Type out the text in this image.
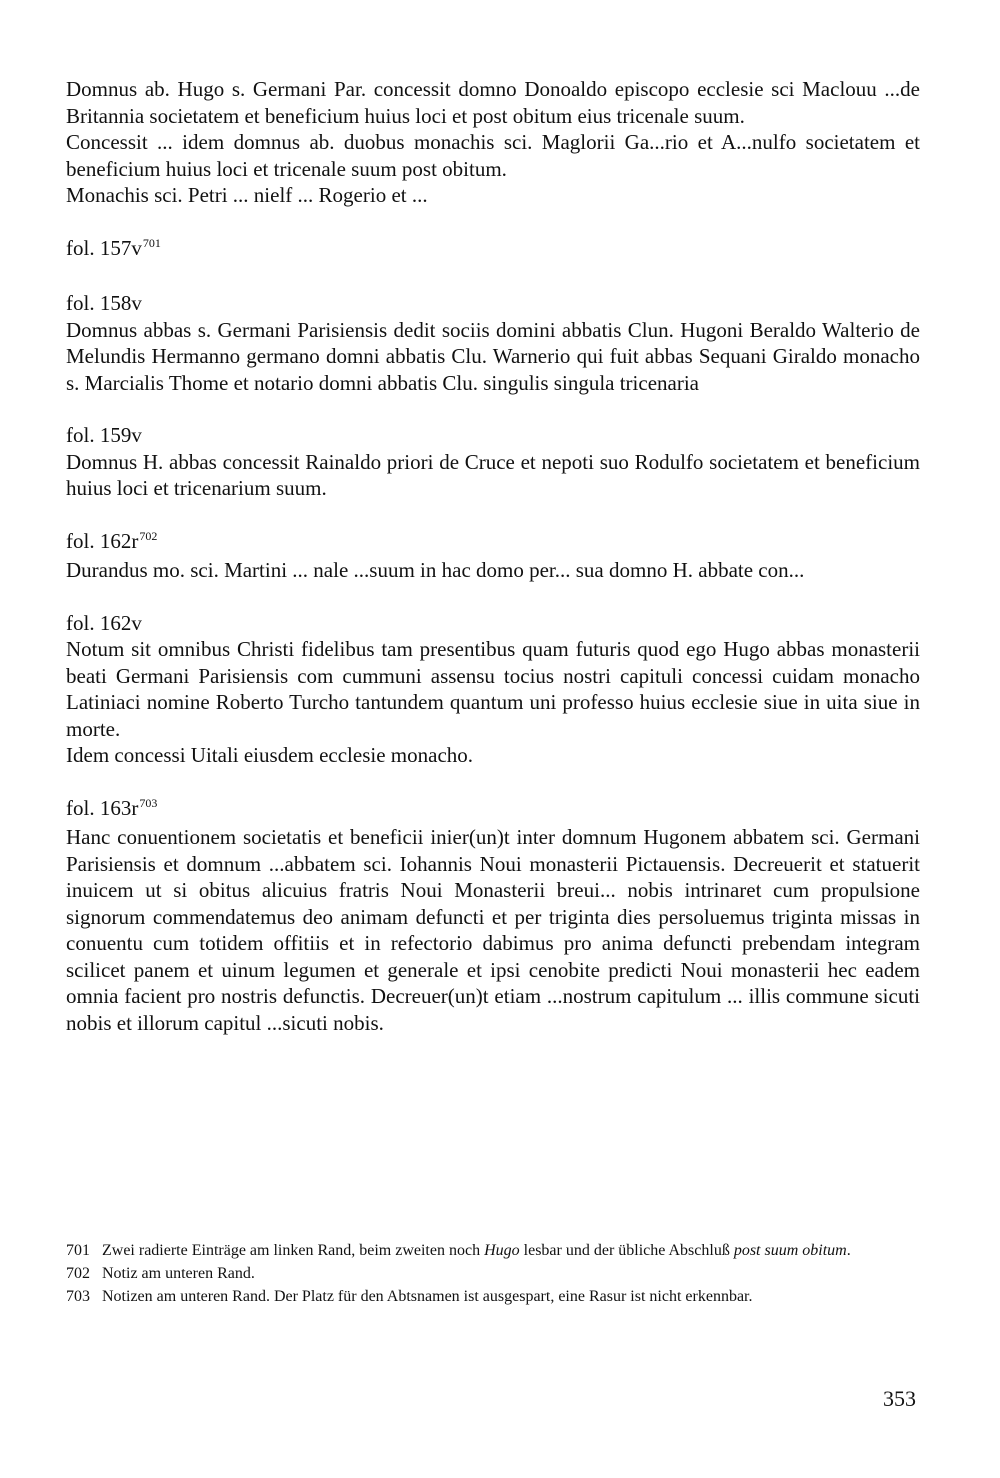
Domnus ab. Hugo s. Germani Par. concessit domno Donoaldo episcopo ecclesie sci Maclouu ...de Britannia societatem et beneficium huius loci et post obitum eius tricenale suum.

Concessit ... idem domnus ab. duobus monachis sci. Maglorii Ga...rio et A...nulfo societatem et beneficium huius loci et tricenale suum post obitum.

Monachis sci. Petri ... nielf ... Rogerio et ...

fol. $157v^{701}$

fol. 158v

Domnus abbas s. Germani Parisiensis dedit sociis domini abbatis Clun. Hugoni Beraldo Walterio de Melundis Hermanno germano domni abbatis Clu. Warnerio qui fuit abbas Sequani Giraldo monacho s. Marcialis Thome et notario domni abbatis Clu. singulis singula tricenaria

fol. 159v

Domnus H. abbas concessit Rainaldo priori de Cruce et nepoti suo Rodulfo societatem et beneficium huius loci et tricenarium suum.

fol. $162r^{702}$

Durandus mo. sci. Martini ... nale ...suum in hac domo per... sua domno H. abbate con...

fol. 162v

Notum sit omnibus Christi fidelibus tam presentibus quam futuris quod ego Hugo abbas monasterii beati Germani Parisiensis com cummuni assensu tocius nostri capituli concessi cuidam monacho Latiniaci nomine Roberto Turcho tantundem quantum uni professo huius ecclesie siue in uita siue in morte.

Idem concessi Uitali eiusdem ecclesie monacho.

fol. $163r^{703}$

Hanc conuentionem societatis et beneficii inier(un)t inter domnum Hugonem abbatem sci. Germani Parisiensis et domnum ...abbatem sci. Iohannis Noui monasterii Pictauensis. Decreuerit et statuerit inuicem ut si obitus alicuius fratris Noui Monasterii breui... nobis intrinaret cum propulsione signorum commendatemus deo animam defuncti et per triginta dies persoluemus triginta missas in conuentu cum totidem offitiis et in refectorio dabimus pro anima defuncti prebendam integram scilicet panem et uinum legumen et generale et ipsi cenobite predicti Noui monasterii hec eadem omnia facient pro nostris defunctis. Decreuer(un)t etiam ...nostrum capitulum ... illis commune sicuti nobis et illorum capitul ...sicuti nobis.

701 Zwei radierte Einträge am linken Rand, beim zweiten noch Hugo lesbar und der übliche Abschluß post suum obitum.
702 Notiz am unteren Rand.
703 Notizen am unteren Rand. Der Platz für den Abtsnamen ist ausgespart, eine Rasur ist nicht erkennbar.
353
